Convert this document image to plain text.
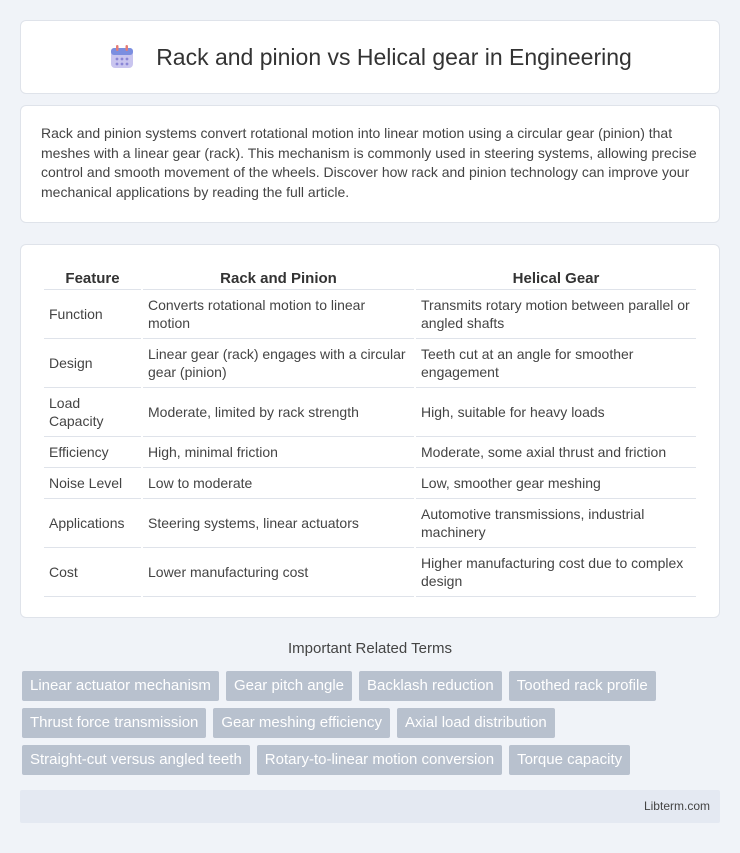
Rack and pinion vs Helical gear in Engineering

Rack and pinion systems convert rotational motion into linear motion using a circular gear (pinion) that meshes with a linear gear (rack). This mechanism is commonly used in steering systems, allowing precise control and smooth movement of the wheels. Discover how rack and pinion technology can improve your mechanical applications by reading the full article.

Feature	Rack and Pinion	Helical Gear
Function	Converts rotational motion to linear motion	Transmits rotary motion between parallel or angled shafts
Design	Linear gear (rack) engages with a circular gear (pinion)	Teeth cut at an angle for smoother engagement
Load Capacity	Moderate, limited by rack strength	High, suitable for heavy loads
Efficiency	High, minimal friction	Moderate, some axial thrust and friction
Noise Level	Low to moderate	Low, smoother gear meshing
Applications	Steering systems, linear actuators	Automotive transmissions, industrial machinery
Cost	Lower manufacturing cost	Higher manufacturing cost due to complex design
Important Related Terms
Linear actuator mechanism	Gear pitch angle	Backlash reduction	Toothed rack profile
Thrust force transmission	Gear meshing efficiency	Axial load distribution
Straight-cut versus angled teeth	Rotary-to-linear motion conversion	Torque capacity
Libterm.com
